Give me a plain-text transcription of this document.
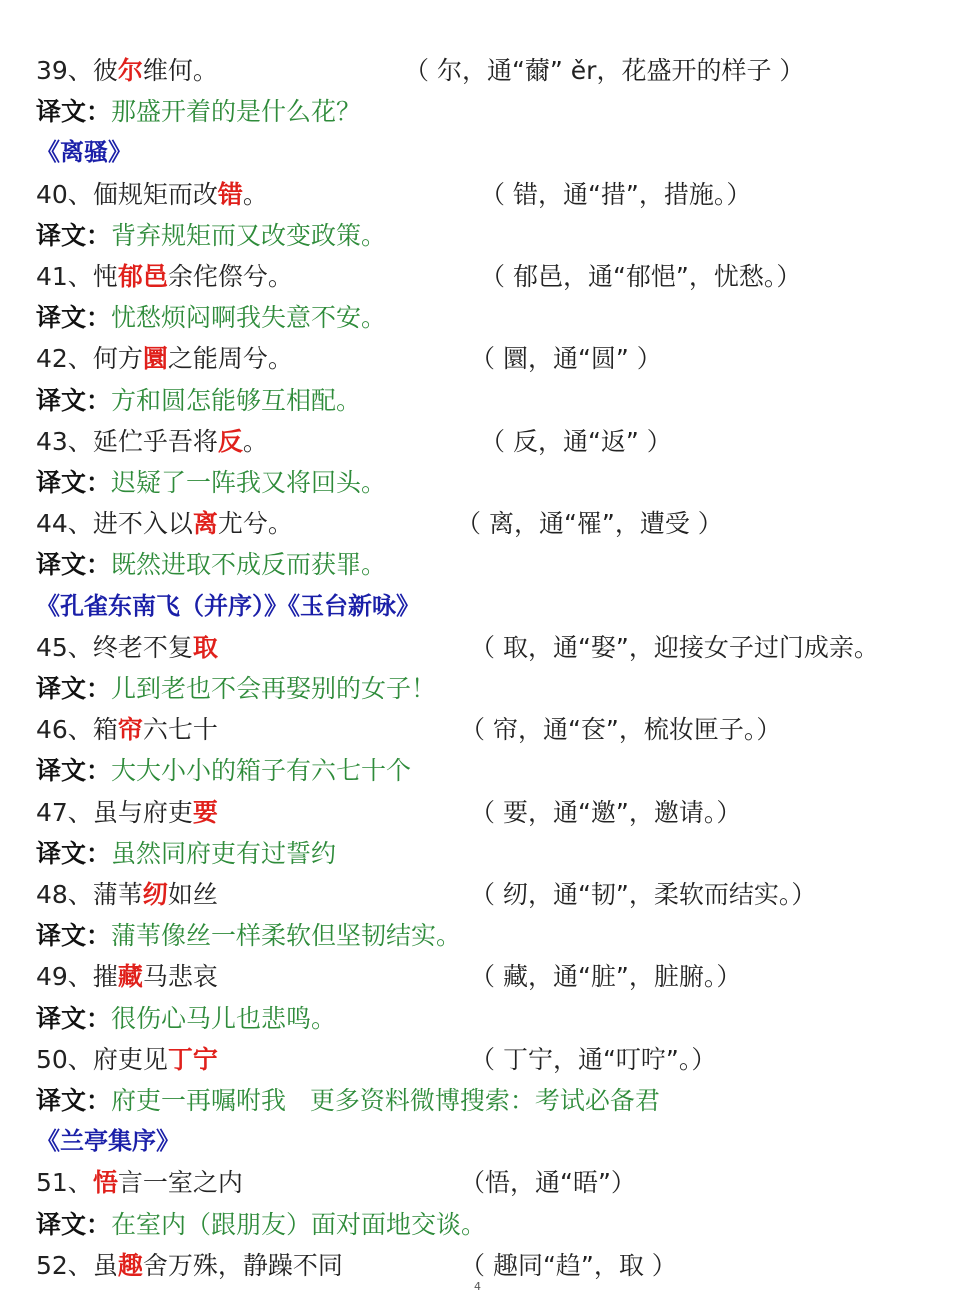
39、彼尔维何。	（ 尔，通“薾” ěr，花盛开的样子 ）
译文：那盛开着的是什么花？
《离骚》
40、偭规矩而改错。	（ 错，通“措”，措施。）
译文：背弃规矩而又改变政策。
41、忳郁邑余侘傺兮。	（ 郁邑，通“郁悒”，忧愁。）
译文：忧愁烦闷啊我失意不安。
42、何方圜之能周兮。	（ 圜，通“圆” ）
译文：方和圆怎能够互相配。
43、延伫乎吾将反。	（ 反，通“返” ）
译文：迟疑了一阵我又将回头。
44、进不入以离尤兮。	（ 离，通“罹”，遭受 ）
译文：既然进取不成反而获罪。
《孔雀东南飞（并序）》《玉台新咏》
45、终老不复取	（ 取，通“娶”，迎接女子过门成亲。
译文：儿到老也不会再娶别的女子！
46、箱帘六七十	（ 帘，通“奁”，梳妆匣子。）
译文：大大小小的箱子有六七十个
47、虽与府吏要	（ 要，通“邀”，邀请。）
译文：虽然同府吏有过誓约
48、蒲苇纫如丝	（ 纫，通“韧”，柔软而结实。）
译文：蒲苇像丝一样柔软但坚韧结实。
49、摧藏马悲哀	（ 藏，通“脏”，脏腑。）
译文：很伤心马儿也悲鸣。
50、府吏见丁宁	（ 丁宁，通“叮咛”。）
译文：府吏一再嘱咐我   更多资料微博搜索：考试必备君
《兰亭集序》
51、悟言一室之内	（悟，通“晤”）
译文：在室内（跟朋友）面对面地交谈。
52、虽趣舍万殊，静躁不同	（ 趣同“趋”，取 ）
4
